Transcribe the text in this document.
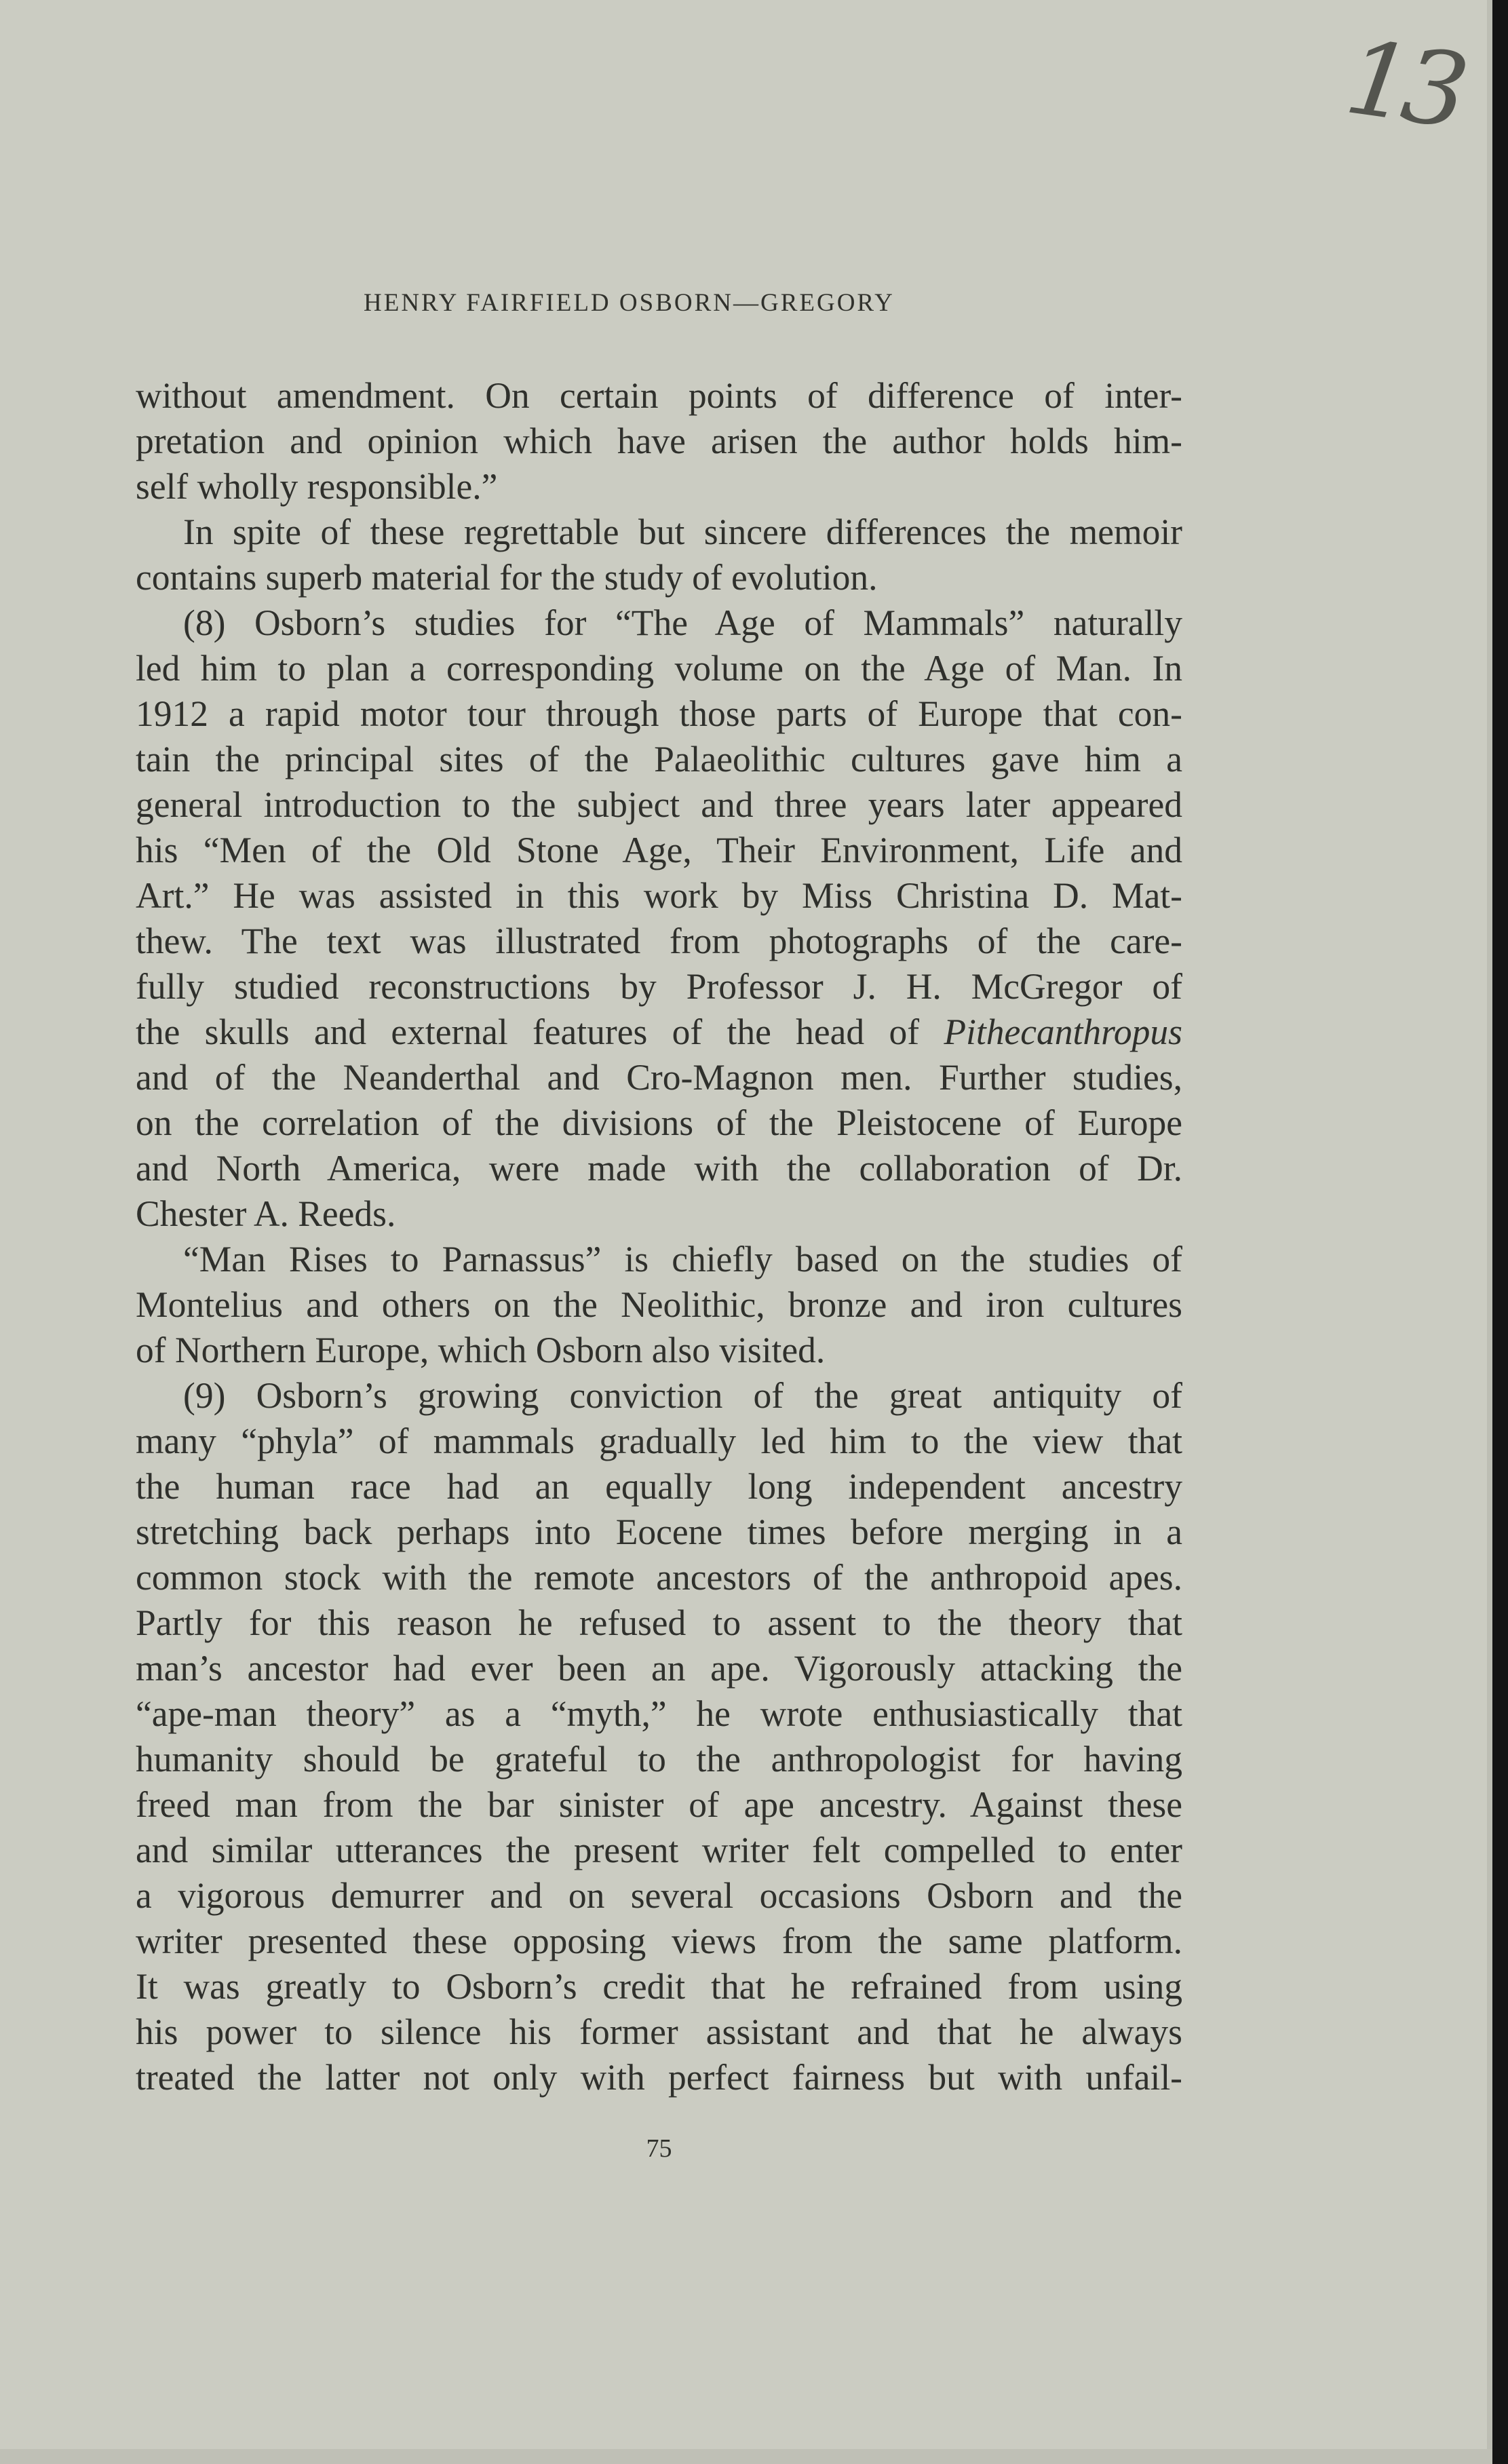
13
HENRY FAIRFIELD OSBORN—GREGORY
without amendment. On certain points of difference of inter-
pretation and opinion which have arisen the author holds him-
self wholly responsible.”
In spite of these regrettable but sincere differences the memoir
contains superb material for the study of evolution.
(8) Osborn’s studies for “The Age of Mammals” naturally
led him to plan a corresponding volume on the Age of Man. In
1912 a rapid motor tour through those parts of Europe that con-
tain the principal sites of the Palaeolithic cultures gave him a
general introduction to the subject and three years later appeared
his “Men of the Old Stone Age, Their Environment, Life and
Art.” He was assisted in this work by Miss Christina D. Mat-
thew. The text was illustrated from photographs of the care-
fully studied reconstructions by Professor J. H. McGregor of
the skulls and external features of the head of Pithecanthropus
and of the Neanderthal and Cro-Magnon men. Further studies,
on the correlation of the divisions of the Pleistocene of Europe
and North America, were made with the collaboration of Dr.
Chester A. Reeds.
“Man Rises to Parnassus” is chiefly based on the studies of
Montelius and others on the Neolithic, bronze and iron cultures
of Northern Europe, which Osborn also visited.
(9) Osborn’s growing conviction of the great antiquity of
many “phyla” of mammals gradually led him to the view that
the human race had an equally long independent ancestry
stretching back perhaps into Eocene times before merging in a
common stock with the remote ancestors of the anthropoid apes.
Partly for this reason he refused to assent to the theory that
man’s ancestor had ever been an ape. Vigorously attacking the
“ape-man theory” as a “myth,” he wrote enthusiastically that
humanity should be grateful to the anthropologist for having
freed man from the bar sinister of ape ancestry. Against these
and similar utterances the present writer felt compelled to enter
a vigorous demurrer and on several occasions Osborn and the
writer presented these opposing views from the same platform.
It was greatly to Osborn’s credit that he refrained from using
his power to silence his former assistant and that he always
treated the latter not only with perfect fairness but with unfail-
75
